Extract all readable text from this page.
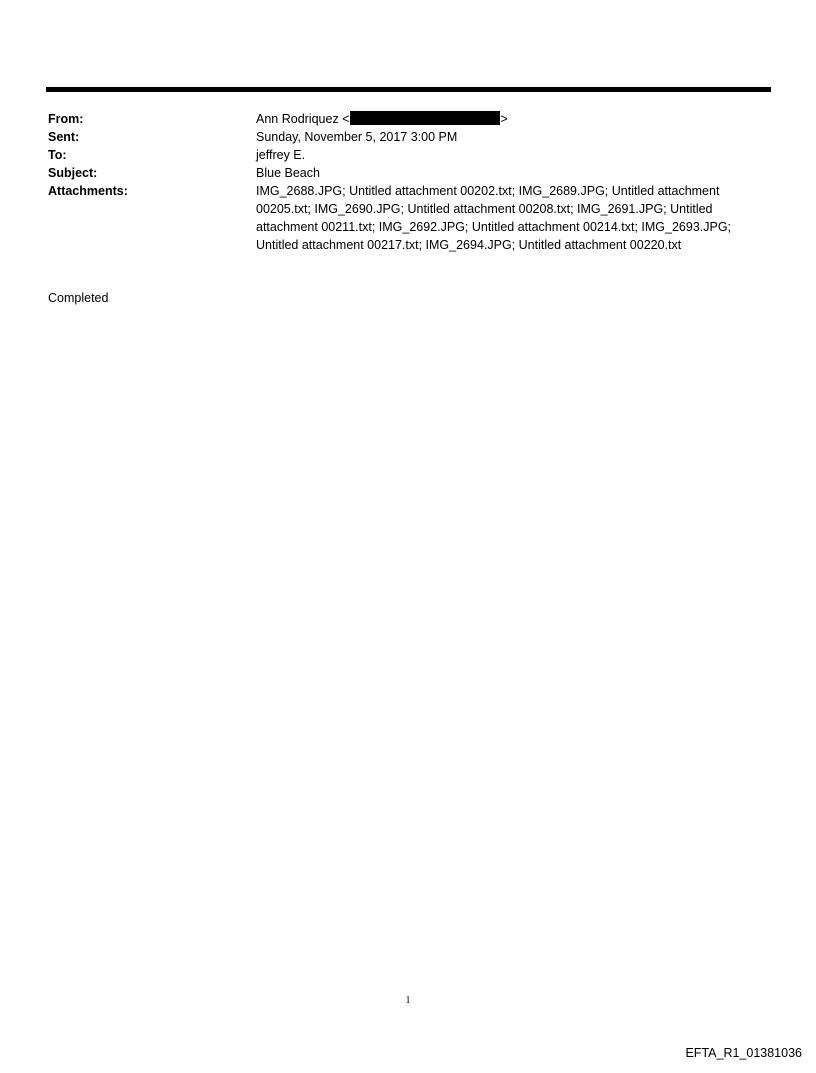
From:	Ann Rodriquez <	>
Sent:	Sunday, November 5, 2017 3:00 PM
To:	jeffrey E.
Subject:	Blue Beach
Attachments:	IMG_2688.JPG; Untitled attachment 00202.txt; IMG_2689.JPG; Untitled attachment 00205.txt; IMG_2690.JPG; Untitled attachment 00208.txt; IMG_2691.JPG; Untitled attachment 00211.txt; IMG_2692.JPG; Untitled attachment 00214.txt; IMG_2693.JPG; Untitled attachment 00217.txt; IMG_2694.JPG; Untitled attachment 00220.txt
Completed
1
EFTA_R1_01381036
